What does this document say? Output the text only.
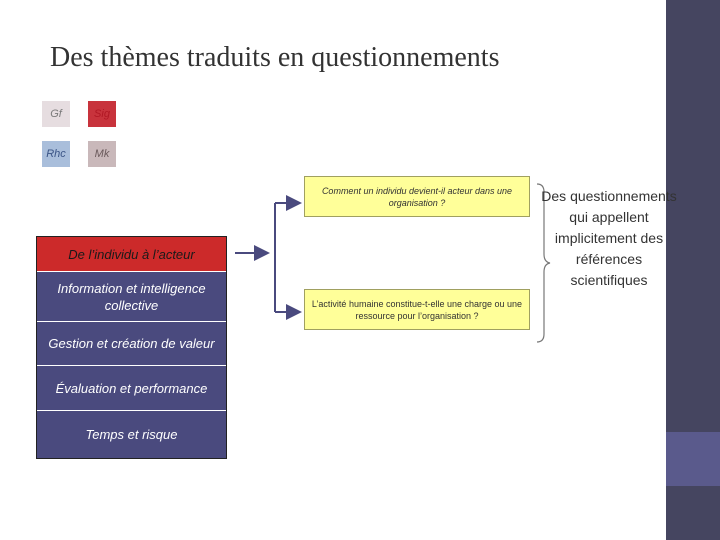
Des thèmes traduits en questionnements
Gf	Sig
Rhc	Mk
De l’individu à l’acteur
Information et intelligence collective
Gestion et création de valeur
Évaluation et performance
Temps et risque
Comment un individu devient-il acteur dans une organisation ?
L’activité humaine constitue-t-elle une charge ou une ressource pour l’organisation ?
Des questionnements qui appellent implicitement des références scientifiques
